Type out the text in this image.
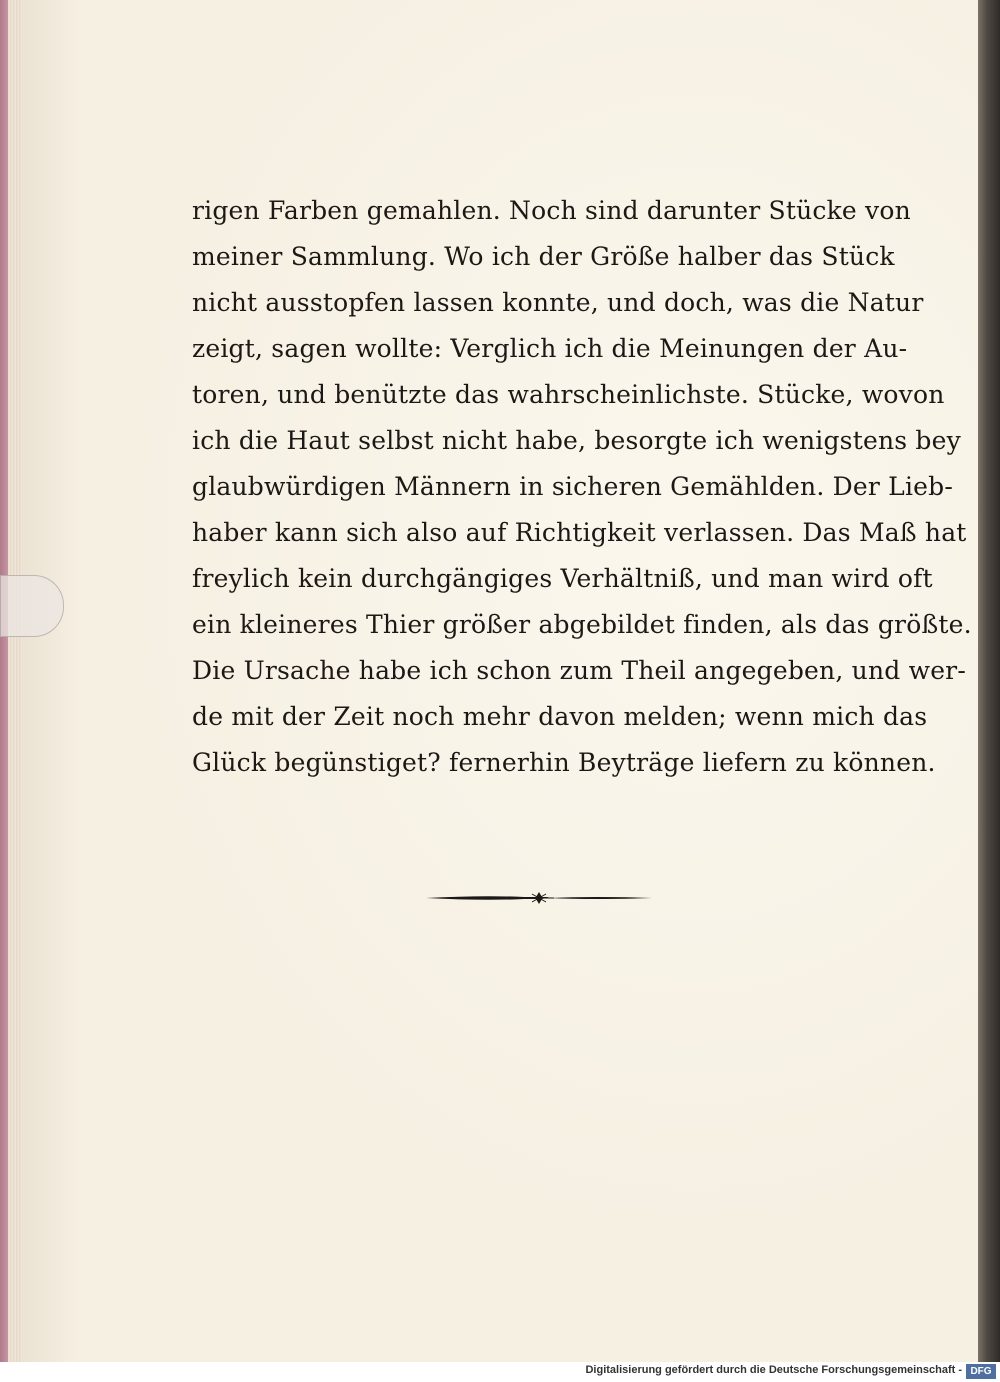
rigen Farben gemahlen. Noch sind darunter Stücke von
meiner Sammlung. Wo ich der Größe halber das Stück
nicht ausstopfen lassen konnte, und doch, was die Natur
zeigt, sagen wollte: Verglich ich die Meinungen der Au-
toren, und benützte das wahrscheinlichste. Stücke, wovon
ich die Haut selbst nicht habe, besorgte ich wenigstens bey
glaubwürdigen Männern in sicheren Gemählden. Der Lieb-
haber kann sich also auf Richtigkeit verlassen. Das Maß hat
freylich kein durchgängiges Verhältniß, und man wird oft
ein kleineres Thier größer abgebildet finden, als das größte.
Die Ursache habe ich schon zum Theil angegeben, und wer-
de mit der Zeit noch mehr davon melden; wenn mich das
Glück begünstiget? fernerhin Beyträge liefern zu können.
Digitalisierung gefördert durch die Deutsche Forschungsgemeinschaft - DFG
